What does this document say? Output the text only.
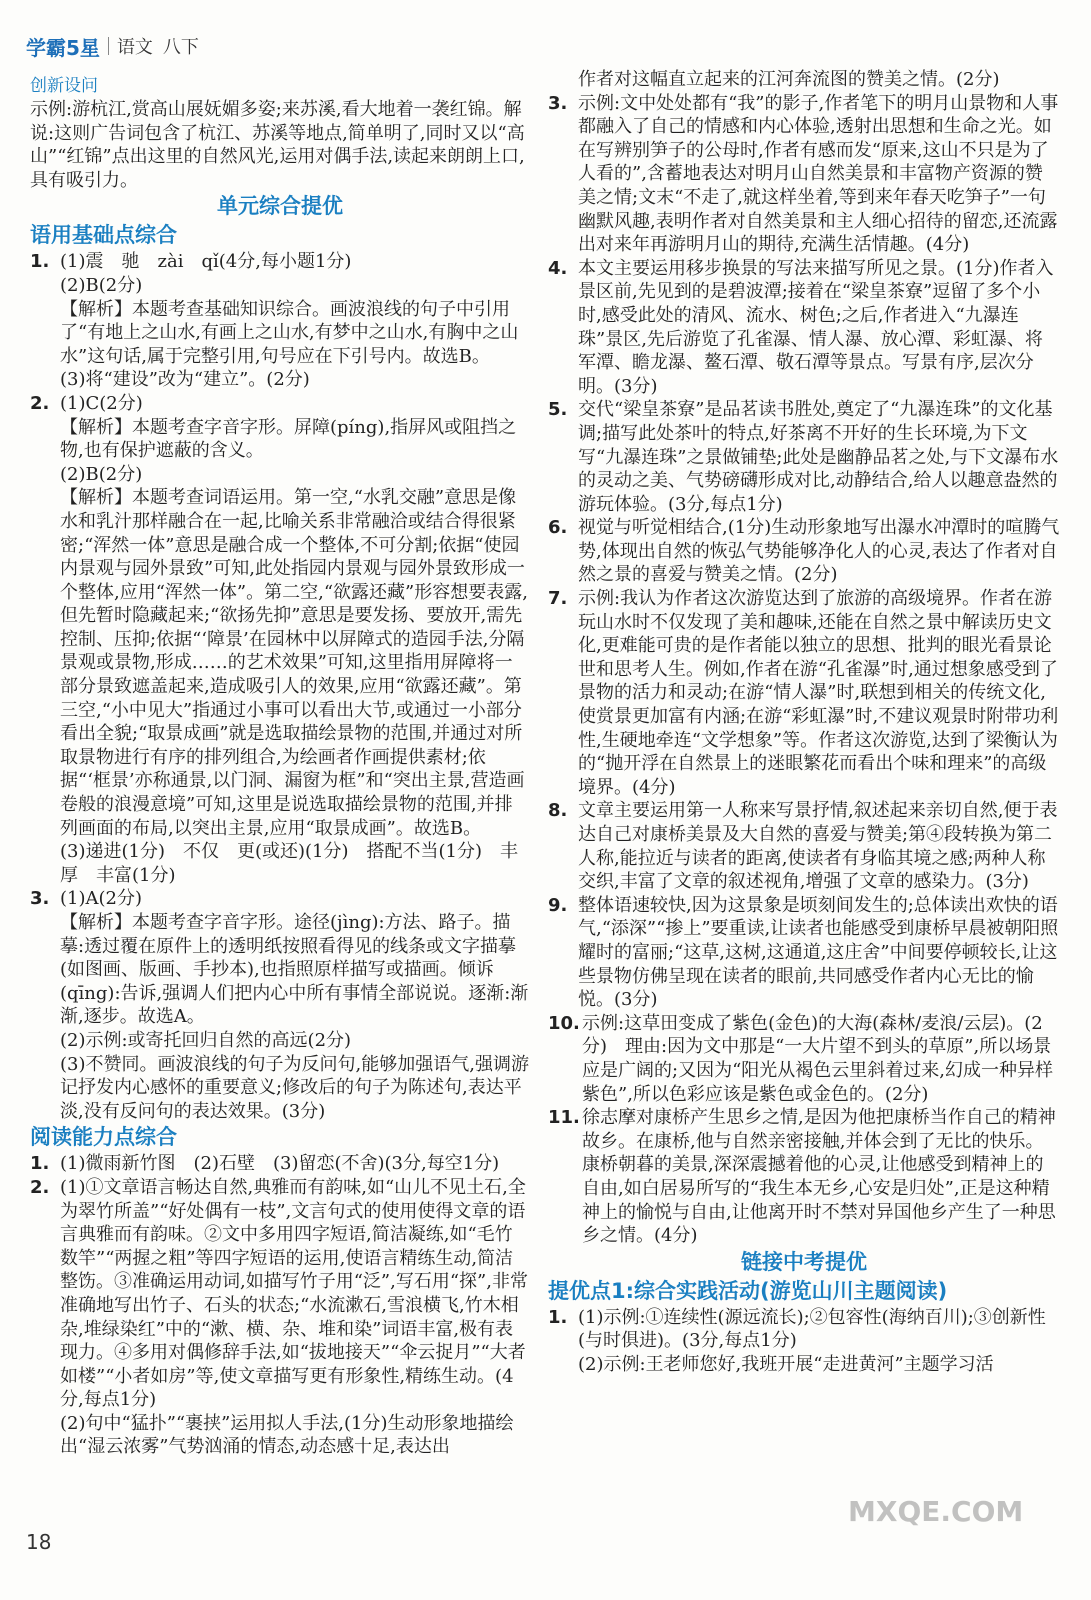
学霸5星 语文 八下
创新设问

示例:游杭江,赏高山展妩媚多姿;来苏溪,看大地着一袭红锦。解说:这则广告词包含了杭江、苏溪等地点,简单明了,同时又以“高山”“红锦”点出这里的自然风光,运用对偶手法,读起来朗朗上口,具有吸引力。

单元综合提优
语用基础点综合
1. (1)震　驰　zài　qǐ(4分,每小题1分)
(2)B(2分)
【解析】本题考查基础知识综合。画波浪线的句子中引用了“有地上之山水,有画上之山水,有梦中之山水,有胸中之山水”这句话,属于完整引用,句号应在下引号内。故选B。
(3)将“建设”改为“建立”。(2分)
2. (1)C(2分)
【解析】本题考查字音字形。屏障(píng),指屏风或阻挡之物,也有保护遮蔽的含义。
(2)B(2分)
【解析】本题考查词语运用。第一空,“水乳交融”意思是像水和乳汁那样融合在一起,比喻关系非常融洽或结合得很紧密;“浑然一体”意思是融合成一个整体,不可分割;依据“使园内景观与园外景致”可知,此处指园内景观与园外景致形成一个整体,应用“浑然一体”。第二空,“欲露还藏”形容想要表露,但先暂时隐藏起来;“欲扬先抑”意思是要发扬、要放开,需先控制、压抑;依据“‘障景’在园林中以屏障式的造园手法,分隔景观或景物,形成……的艺术效果”可知,这里指用屏障将一部分景致遮盖起来,造成吸引人的效果,应用“欲露还藏”。第三空,“小中见大”指通过小事可以看出大节,或通过一小部分看出全貌;“取景成画”就是选取描绘景物的范围,并通过对所取景物进行有序的排列组合,为绘画者作画提供素材;依据“‘框景’亦称通景,以门洞、漏窗为框”和“突出主景,营造画卷般的浪漫意境”可知,这里是说选取描绘景物的范围,并排列画面的布局,以突出主景,应用“取景成画”。故选B。
(3)递进(1分)　不仅　更(或还)(1分)　搭配不当(1分)　丰厚　丰富(1分)
3. (1)A(2分)
【解析】本题考查字音字形。途径(jìng):方法、路子。描摹:透过覆在原件上的透明纸按照看得见的线条或文字描摹(如图画、版画、手抄本),也指照原样描写或描画。倾诉(qīng):告诉,强调人们把内心中所有事情全部说说。逐渐:渐渐,逐步。故选A。
(2)示例:或寄托回归自然的高远(2分)
(3)不赞同。画波浪线的句子为反问句,能够加强语气,强调游记抒发内心感怀的重要意义;修改后的句子为陈述句,表达平淡,没有反问句的表达效果。(3分)
阅读能力点综合
1. (1)微雨新竹图　(2)石壁　(3)留恋(不舍)(3分,每空1分)
2. (1)①文章语言畅达自然,典雅而有韵味,如“山儿不见土石,全为翠竹所盖”“好处偶有一枝”,文言句式的使用使得文章的语言典雅而有韵味。②文中多用四字短语,简洁凝练,如“毛竹数竿”“两握之粗”等四字短语的运用,使语言精练生动,简洁整饬。③准确运用动词,如描写竹子用“泛”,写石用“探”,非常准确地写出竹子、石头的状态;“水流漱石,雪浪横飞,竹木相杂,堆绿染红”中的“漱、横、杂、堆和染”词语丰富,极有表现力。④多用对偶修辞手法,如“拔地接天”“伞云捉月”“大者如楼”“小者如房”等,使文章描写更有形象性,精练生动。(4分,每点1分)
(2)句中“猛扑”“裹挟”运用拟人手法,(1分)生动形象地描绘出“湿云浓雾”气势汹涌的情态,动态感十足,表达出
作者对这幅直立起来的江河奔流图的赞美之情。(2分)
3. 示例:文中处处都有“我”的影子,作者笔下的明月山景物和人事都融入了自己的情感和内心体验,透射出思想和生命之光。如在写辨别笋子的公母时,作者有感而发“原来,这山不只是为了人看的”,含蓄地表达对明月山自然美景和丰富物产资源的赞美之情;文末“不走了,就这样坐着,等到来年春天吃笋子”一句幽默风趣,表明作者对自然美景和主人细心招待的留恋,还流露出对来年再游明月山的期待,充满生活情趣。(4分)
4. 本文主要运用移步换景的写法来描写所见之景。(1分)作者入景区前,先见到的是碧波潭;接着在“梁皇茶寮”逗留了多个小时,感受此处的清风、流水、树色;之后,作者进入“九瀑连珠”景区,先后游览了孔雀瀑、情人瀑、放心潭、彩虹瀑、将军潭、瞻龙瀑、鳌石潭、敬石潭等景点。写景有序,层次分明。(3分)
5. 交代“梁皇茶寮”是品茗读书胜处,奠定了“九瀑连珠”的文化基调;描写此处茶叶的特点,好茶离不开好的生长环境,为下文写“九瀑连珠”之景做铺垫;此处是幽静品茗之处,与下文瀑布水的灵动之美、气势磅礴形成对比,动静结合,给人以趣意盎然的游玩体验。(3分,每点1分)
6. 视觉与听觉相结合,(1分)生动形象地写出瀑水冲潭时的喧腾气势,体现出自然的恢弘气势能够净化人的心灵,表达了作者对自然之景的喜爱与赞美之情。(2分)
7. 示例:我认为作者这次游览达到了旅游的高级境界。作者在游玩山水时不仅发现了美和趣味,还能在自然之景中解读历史文化,更难能可贵的是作者能以独立的思想、批判的眼光看景论世和思考人生。例如,作者在游“孔雀瀑”时,通过想象感受到了景物的活力和灵动;在游“情人瀑”时,联想到相关的传统文化,使赏景更加富有内涵;在游“彩虹瀑”时,不建议观景时附带功利性,生硬地牵连“文学想象”等。作者这次游览,达到了梁衡认为的“抛开浮在自然景上的迷眼繁花而看出个味和理来”的高级境界。(4分)
8. 文章主要运用第一人称来写景抒情,叙述起来亲切自然,便于表达自己对康桥美景及大自然的喜爱与赞美;第④段转换为第二人称,能拉近与读者的距离,使读者有身临其境之感;两种人称交织,丰富了文章的叙述视角,增强了文章的感染力。(3分)
9. 整体语速较快,因为这景象是顷刻间发生的;总体读出欢快的语气,“添深”“掺上”要重读,让读者也能感受到康桥早晨被朝阳照耀时的富丽;“这草,这树,这通道,这庄舍”中间要停顿较长,让这些景物仿佛呈现在读者的眼前,共同感受作者内心无比的愉悦。(3分)
10. 示例:这草田变成了紫色(金色)的大海(森林/麦浪/云层)。(2分)　理由:因为文中那是“一大片望不到头的草原”,所以场景应是广阔的;又因为“阳光从褐色云里斜着过来,幻成一种异样紫色”,所以色彩应该是紫色或金色的。(2分)
11. 徐志摩对康桥产生思乡之情,是因为他把康桥当作自己的精神故乡。在康桥,他与自然亲密接触,并体会到了无比的快乐。康桥朝暮的美景,深深震撼着他的心灵,让他感受到精神上的自由,如白居易所写的“我生本无乡,心安是归处”,正是这种精神上的愉悦与自由,让他离开时不禁对异国他乡产生了一种思乡之情。(4分)
链接中考提优
提优点1:综合实践活动(游览山川主题阅读)
1. (1)示例:①连续性(源远流长);②包容性(海纳百川);③创新性(与时俱进)。(3分,每点1分)
(2)示例:王老师您好,我班开展“走进黄河”主题学习活
18
MXQE.COM
